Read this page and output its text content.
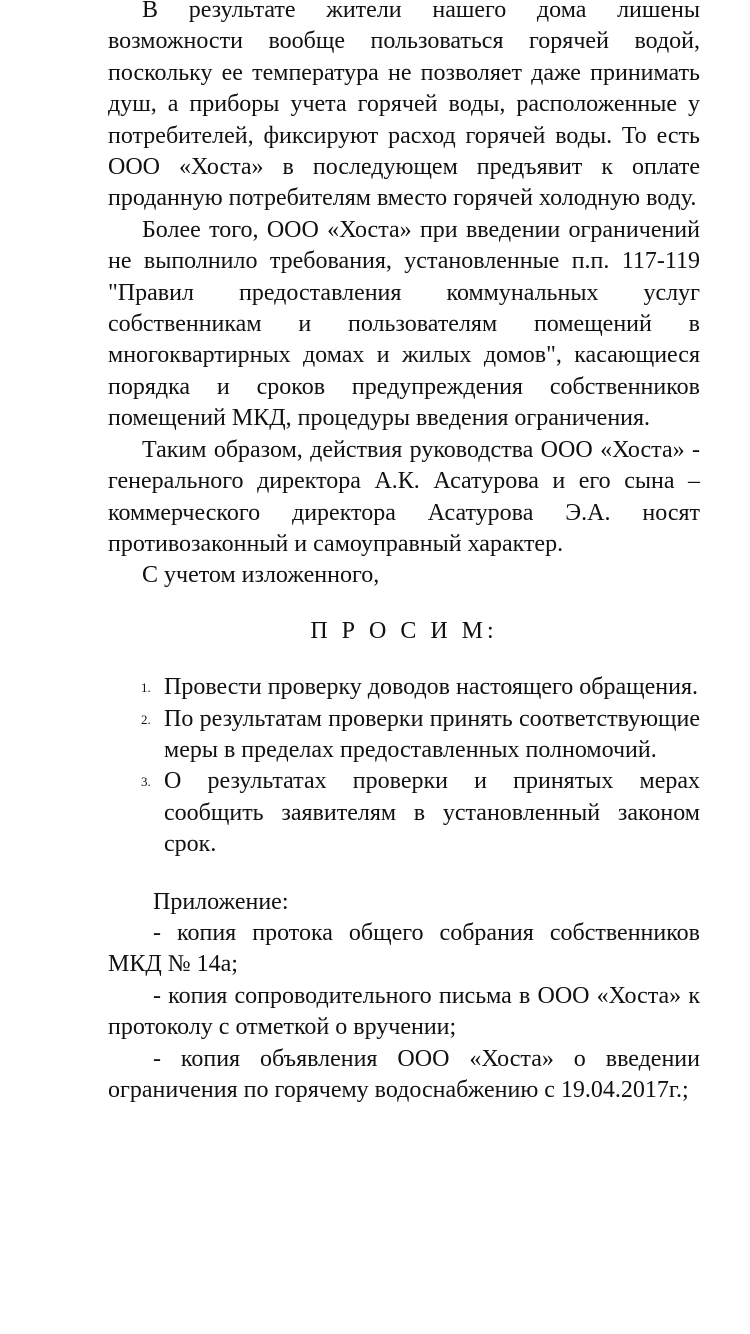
В результате жители нашего дома лишены возможности вообще пользоваться горячей водой, поскольку ее температура не позволяет даже принимать душ, а приборы учета горячей воды, расположенные у потребителей, фиксируют расход горячей воды. То есть ООО «Хоста» в последующем предъявит к оплате проданную потребителям вместо горячей холодную воду.

Более того, ООО «Хоста» при введении ограничений не выполнило требования, установленные п.п. 117-119 "Правил предоставления коммунальных услуг собственникам и пользователям помещений в многоквартирных домах и жилых домов", касающиеся порядка и сроков предупреждения собственников помещений МКД, процедуры введения ограничения.

Таким образом, действия руководства ООО «Хоста» - генерального директора А.К. Асатурова и его сына – коммерческого директора Асатурова Э.А. носят противозаконный и самоуправный характер.

С учетом изложенного,

П Р О С И М:
1. Провести проверку доводов настоящего обращения.
2. По результатам проверки принять соответствующие меры в пределах предоставленных полномочий.
3. О результатах проверки и принятых мерах сообщить заявителям в установленный законом срок.

Приложение:

- копия протока общего собрания собственников МКД № 14а;

- копия сопроводительного письма в ООО «Хоста» к протоколу с отметкой о вручении;

- копия объявления ООО «Хоста» о введении ограничения по горячему водоснабжению с 19.04.2017г.;
